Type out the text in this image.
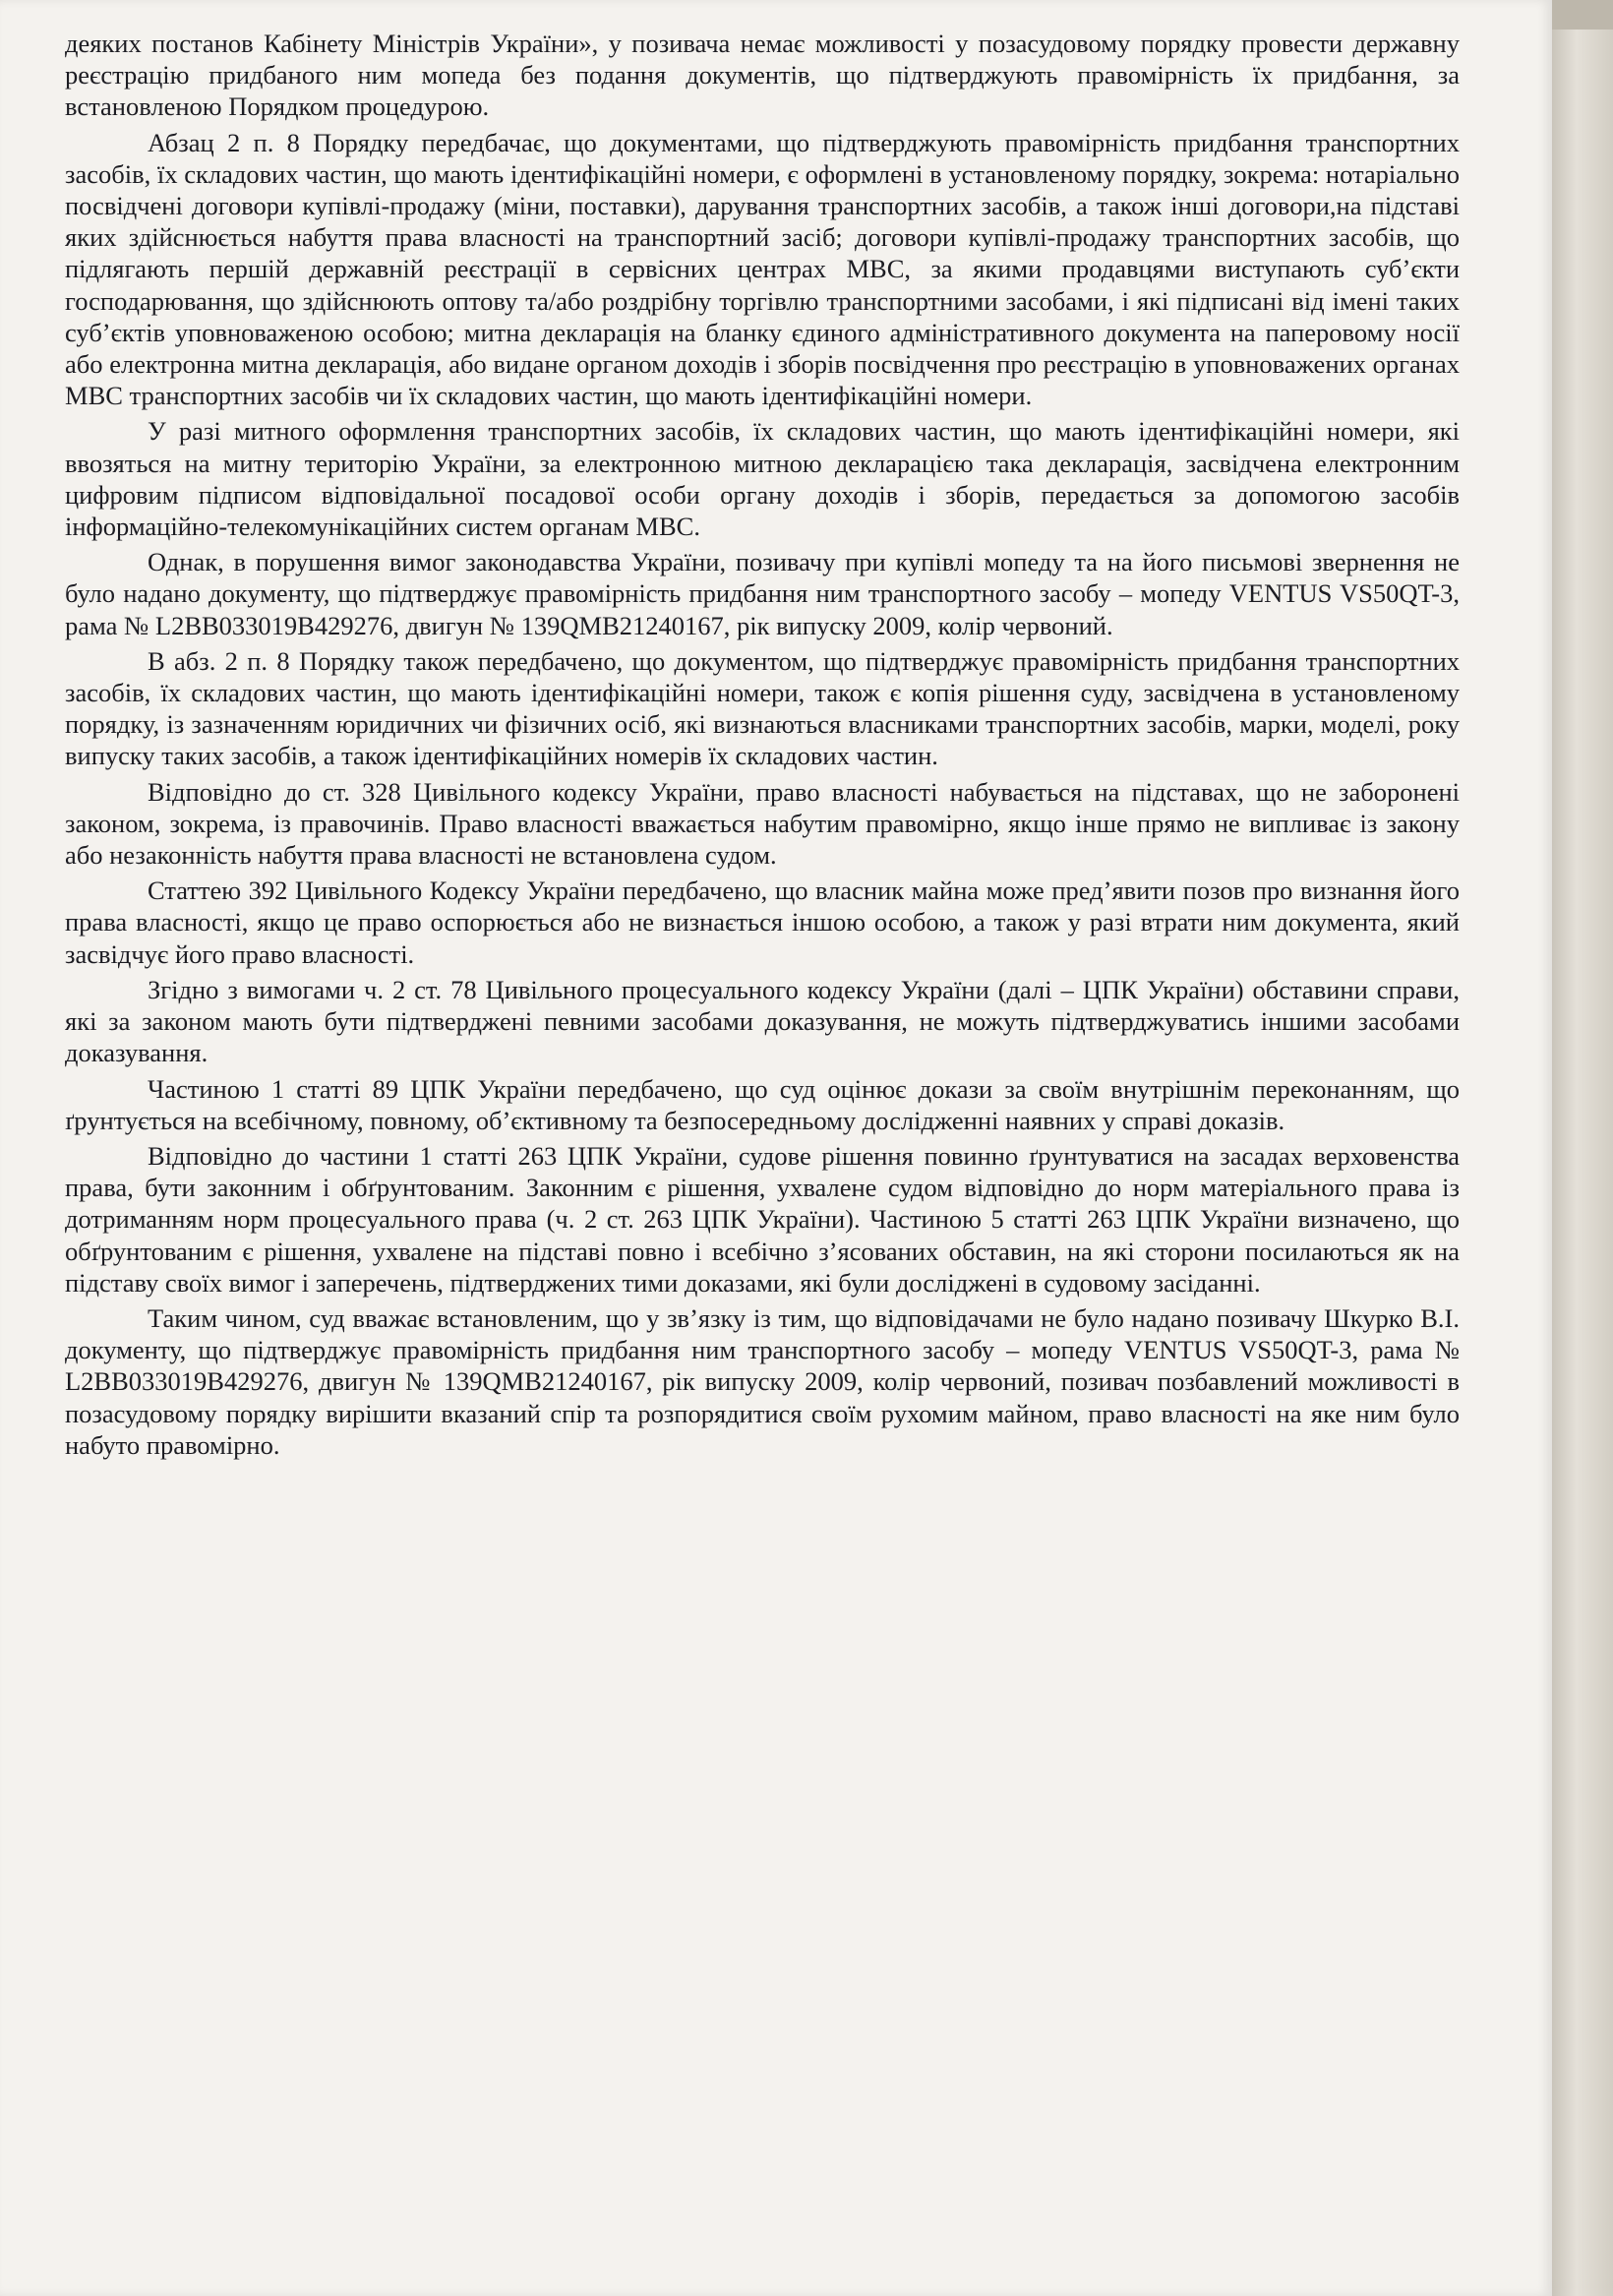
деяких постанов Кабінету Міністрів України», у позивача немає можливості у позасудовому порядку провести державну реєстрацію придбаного ним мопеда без подання документів, що підтверджують правомірність їх придбання, за встановленою Порядком процедурою.

Абзац 2 п. 8 Порядку передбачає, що документами, що підтверджують правомірність придбання транспортних засобів, їх складових частин, що мають ідентифікаційні номери, є оформлені в установленому порядку, зокрема: нотаріально посвідчені договори купівлі-продажу (міни, поставки), дарування транспортних засобів, а також інші договори,на підставі яких здійснюється набуття права власності на транспортний засіб; договори купівлі-продажу транспортних засобів, що підлягають першій державній реєстрації в сервісних центрах МВС, за якими продавцями виступають суб’єкти господарювання, що здійснюють оптову та/або роздрібну торгівлю транспортними засобами, і які підписані від імені таких суб’єктів уповноваженою особою; митна декларація на бланку єдиного адміністративного документа на паперовому носії або електронна митна декларація, або видане органом доходів і зборів посвідчення про реєстрацію в уповноважених органах МВС транспортних засобів чи їх складових частин, що мають ідентифікаційні номери.

У разі митного оформлення транспортних засобів, їх складових частин, що мають ідентифікаційні номери, які ввозяться на митну територію України, за електронною митною декларацією така декларація, засвідчена електронним цифровим підписом відповідальної посадової особи органу доходів і зборів, передається за допомогою засобів інформаційно-телекомунікаційних систем органам МВС.

Однак, в порушення вимог законодавства України, позивачу при купівлі мопеду та на його письмові звернення не було надано документу, що підтверджує правомірність придбання ним транспортного засобу – мопеду VENTUS VS50QT-3, рама № L2BB033019B429276, двигун № 139QMB21240167, рік випуску 2009, колір червоний.

В абз. 2 п. 8 Порядку також передбачено, що документом, що підтверджує правомірність придбання транспортних засобів, їх складових частин, що мають ідентифікаційні номери, також є копія рішення суду, засвідчена в установленому порядку, із зазначенням юридичних чи фізичних осіб, які визнаються власниками транспортних засобів, марки, моделі, року випуску таких засобів, а також ідентифікаційних номерів їх складових частин.

Відповідно до ст. 328 Цивільного кодексу України, право власності набувається на підставах, що не заборонені законом, зокрема, із правочинів. Право власності вважається набутим правомірно, якщо інше прямо не випливає із закону або незаконність набуття права власності не встановлена судом.

Статтею 392 Цивільного Кодексу України передбачено, що власник майна може пред’явити позов про визнання його права власності, якщо це право оспорюється або не визнається іншою особою, а також у разі втрати ним документа, який засвідчує його право власності.

Згідно з вимогами ч. 2 ст. 78 Цивільного процесуального кодексу України (далі – ЦПК України) обставини справи, які за законом мають бути підтверджені певними засобами доказування, не можуть підтверджуватись іншими засобами доказування.

Частиною 1 статті 89 ЦПК України передбачено, що суд оцінює докази за своїм внутрішнім переконанням, що ґрунтується на всебічному, повному, об’єктивному та безпосередньому дослідженні наявних у справі доказів.

Відповідно до частини 1 статті 263 ЦПК України, судове рішення повинно ґрунтуватися на засадах верховенства права, бути законним і обґрунтованим. Законним є рішення, ухвалене судом відповідно до норм матеріального права із дотриманням норм процесуального права (ч. 2 ст. 263 ЦПК України). Частиною 5 статті 263 ЦПК України визначено, що обґрунтованим є рішення, ухвалене на підставі повно і всебічно з’ясованих обставин, на які сторони посилаються як на підставу своїх вимог і заперечень, підтверджених тими доказами, які були досліджені в судовому засіданні.

Таким чином, суд вважає встановленим, що у зв’язку із тим, що відповідачами не було надано позивачу Шкурко В.І. документу, що підтверджує правомірність придбання ним транспортного засобу – мопеду VENTUS VS50QT-3, рама № L2BB033019B429276, двигун № 139QMB21240167, рік випуску 2009, колір червоний, позивач позбавлений можливості в позасудовому порядку вирішити вказаний спір та розпорядитися своїм рухомим майном, право власності на яке ним було набуто правомірно.
